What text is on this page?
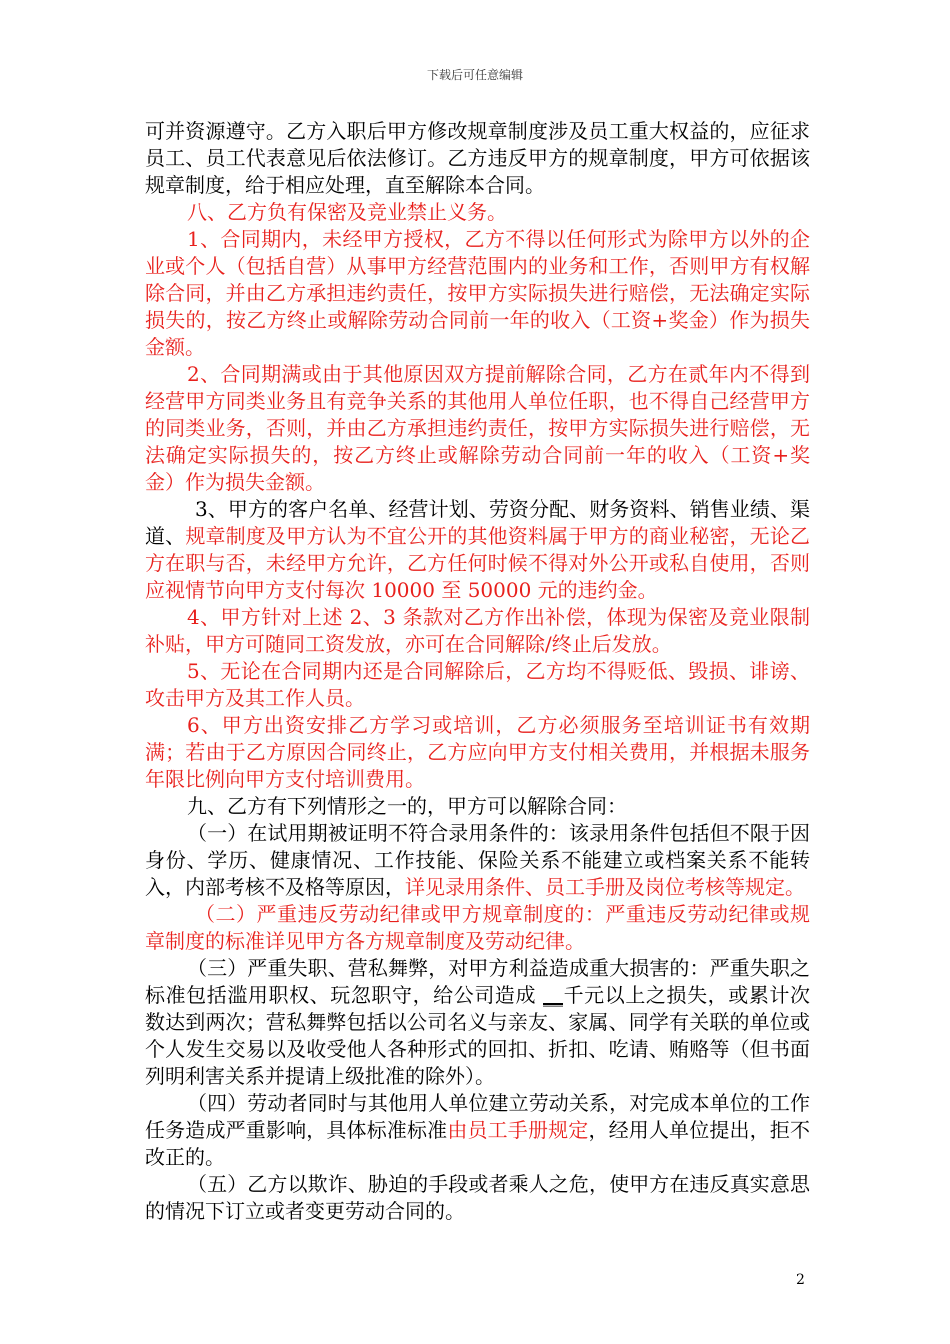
下载后可任意编辑

可并资源遵守。乙方入职后甲方修改规章制度涉及员工重大权益的，应征求员工、员工代表意见后依法修订。乙方违反甲方的规章制度，甲方可依据该规章制度，给于相应处理，直至解除本合同。

八、乙方负有保密及竞业禁止义务。

1、合同期内，未经甲方授权，乙方不得以任何形式为除甲方以外的企业或个人（包括自营）从事甲方经营范围内的业务和工作，否则甲方有权解除合同，并由乙方承担违约责任，按甲方实际损失进行赔偿，无法确定实际损失的，按乙方终止或解除劳动合同前一年的收入（工资+奖金）作为损失金额。

2、合同期满或由于其他原因双方提前解除合同，乙方在贰年内不得到经营甲方同类业务且有竞争关系的其他用人单位任职，也不得自己经营甲方的同类业务，否则，并由乙方承担违约责任，按甲方实际损失进行赔偿，无法确定实际损失的，按乙方终止或解除劳动合同前一年的收入（工资+奖金）作为损失金额。

3、甲方的客户名单、经营计划、劳资分配、财务资料、销售业绩、渠道、规章制度及甲方认为不宜公开的其他资料属于甲方的商业秘密，无论乙方在职与否，未经甲方允许，乙方任何时候不得对外公开或私自使用，否则应视情节向甲方支付每次 10000 至 50000 元的违约金。

4、甲方针对上述 2、3 条款对乙方作出补偿，体现为保密及竞业限制补贴，甲方可随同工资发放，亦可在合同解除/终止后发放。

5、无论在合同期内还是合同解除后，乙方均不得贬低、毁损、诽谤、攻击甲方及其工作人员。

6、甲方出资安排乙方学习或培训，乙方必须服务至培训证书有效期满；若由于乙方原因合同终止，乙方应向甲方支付相关费用，并根据未服务年限比例向甲方支付培训费用。

九、乙方有下列情形之一的，甲方可以解除合同：

（一）在试用期被证明不符合录用条件的：该录用条件包括但不限于因身份、学历、健康情况、工作技能、保险关系不能建立或档案关系不能转入，内部考核不及格等原因，详见录用条件、员工手册及岗位考核等规定。

（二）严重违反劳动纪律或甲方规章制度的：严重违反劳动纪律或规章制度的标准详见甲方各方规章制度及劳动纪律。

（三）严重失职、营私舞弊，对甲方利益造成重大损害的：严重失职之标准包括滥用职权、玩忽职守，给公司造成 __千元以上之损失，或累计次数达到两次；营私舞弊包括以公司名义与亲友、家属、同学有关联的单位或个人发生交易以及收受他人各种形式的回扣、折扣、吃请、贿赂等（但书面列明利害关系并提请上级批准的除外）。

（四）劳动者同时与其他用人单位建立劳动关系，对完成本单位的工作任务造成严重影响，具体标准标准由员工手册规定，经用人单位提出，拒不改正的。

（五）乙方以欺诈、胁迫的手段或者乘人之危，使甲方在违反真实意思的情况下订立或者变更劳动合同的。

2
